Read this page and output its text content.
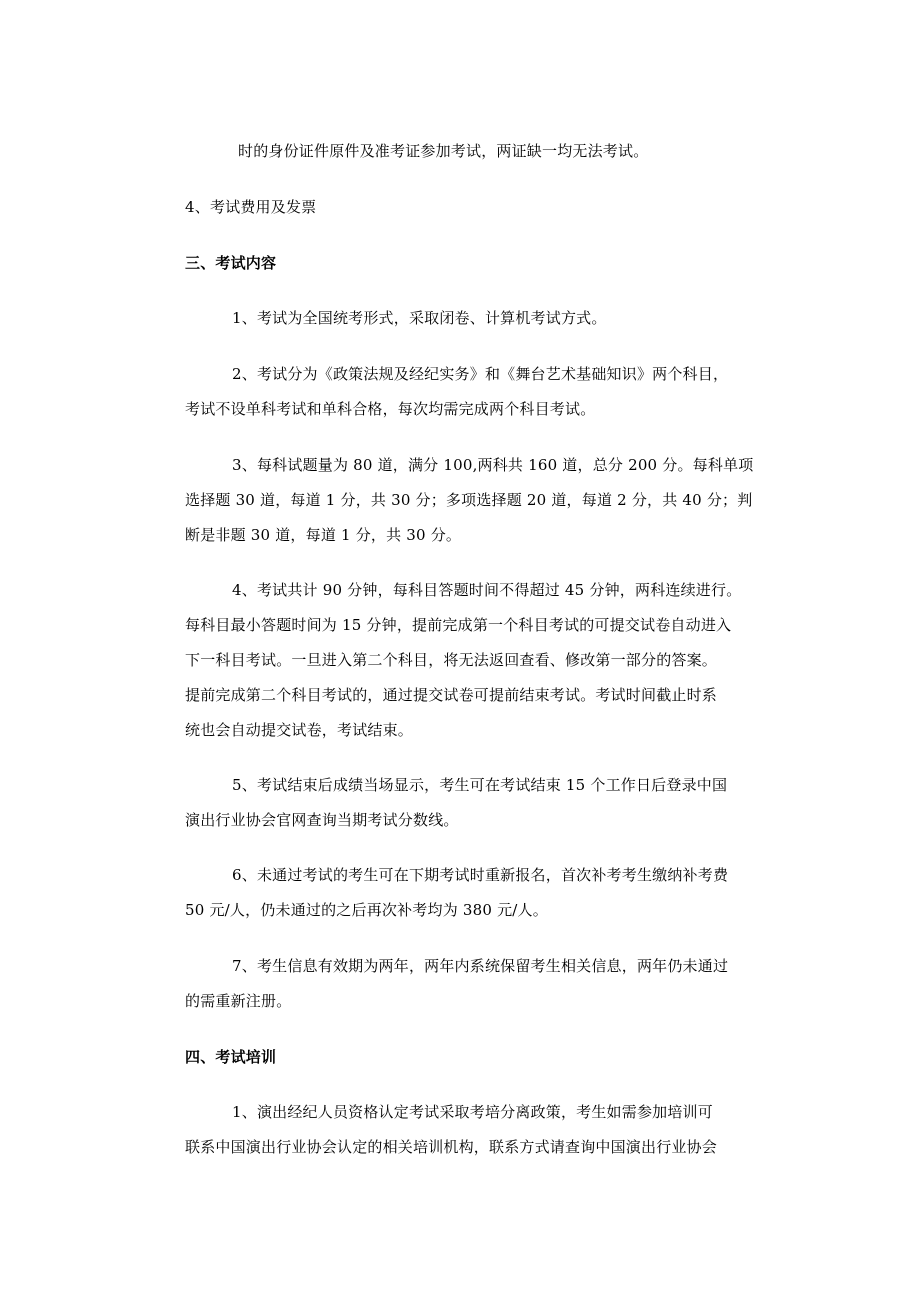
时的身份证件原件及准考证参加考试，两证缺一均无法考试。
4、考试费用及发票
三、考试内容
1、考试为全国统考形式，采取闭卷、计算机考试方式。
2、考试分为《政策法规及经纪实务》和《舞台艺术基础知识》两个科目，
考试不设单科考试和单科合格，每次均需完成两个科目考试。
3、每科试题量为 80 道，满分 100,两科共 160 道，总分 200 分。每科单项
选择题 30 道，每道 1 分，共 30 分；多项选择题 20 道，每道 2 分，共 40 分；判
断是非题 30 道，每道 1 分，共 30 分。
4、考试共计 90 分钟，每科目答题时间不得超过 45 分钟，两科连续进行。
每科目最小答题时间为 15 分钟，提前完成第一个科目考试的可提交试卷自动进入
下一科目考试。一旦进入第二个科目，将无法返回查看、修改第一部分的答案。
提前完成第二个科目考试的，通过提交试卷可提前结束考试。考试时间截止时系
统也会自动提交试卷，考试结束。
5、考试结束后成绩当场显示，考生可在考试结束 15 个工作日后登录中国
演出行业协会官网查询当期考试分数线。
6、未通过考试的考生可在下期考试时重新报名，首次补考考生缴纳补考费
50 元/人，仍未通过的之后再次补考均为 380 元/人。
7、考生信息有效期为两年，两年内系统保留考生相关信息，两年仍未通过
的需重新注册。
四、考试培训
1、演出经纪人员资格认定考试采取考培分离政策，考生如需参加培训可
联系中国演出行业协会认定的相关培训机构，联系方式请查询中国演出行业协会
